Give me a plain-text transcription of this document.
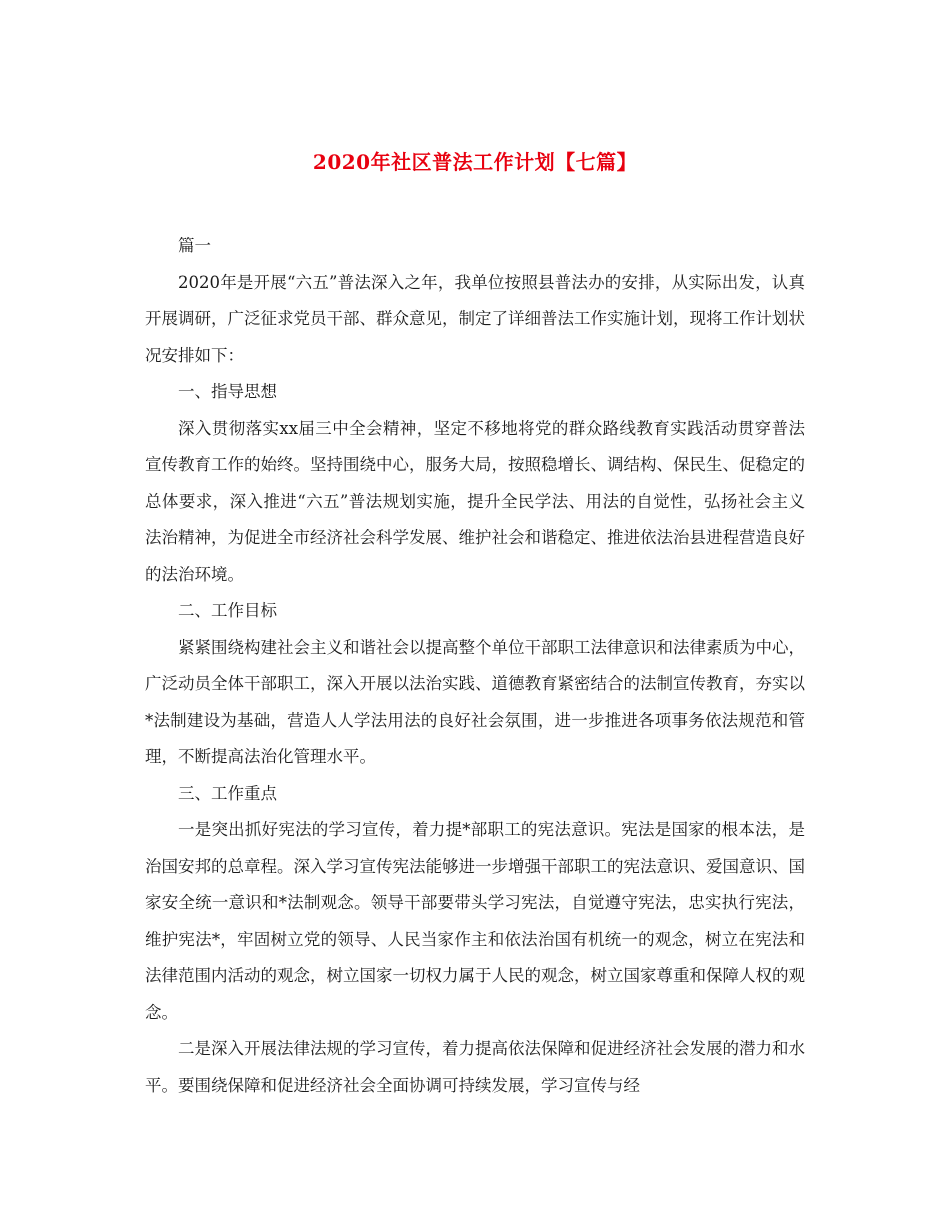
2020年社区普法工作计划【七篇】

篇一

2020年是开展“六五”普法深入之年，我单位按照县普法办的安排，从实际出发，认真开展调研，广泛征求党员干部、群众意见，制定了详细普法工作实施计划，现将工作计划状况安排如下：

一、指导思想

深入贯彻落实xx届三中全会精神，坚定不移地将党的群众路线教育实践活动贯穿普法宣传教育工作的始终。坚持围绕中心，服务大局，按照稳增长、调结构、保民生、促稳定的总体要求，深入推进“六五”普法规划实施，提升全民学法、用法的自觉性，弘扬社会主义法治精神，为促进全市经济社会科学发展、维护社会和谐稳定、推进依法治县进程营造良好的法治环境。

二、工作目标

紧紧围绕构建社会主义和谐社会以提高整个单位干部职工法律意识和法律素质为中心，广泛动员全体干部职工，深入开展以法治实践、道德教育紧密结合的法制宣传教育，夯实以*法制建设为基础，营造人人学法用法的良好社会氛围，进一步推进各项事务依法规范和管理，不断提高法治化管理水平。

三、工作重点

一是突出抓好宪法的学习宣传，着力提*部职工的宪法意识。宪法是国家的根本法，是治国安邦的总章程。深入学习宣传宪法能够进一步增强干部职工的宪法意识、爱国意识、国家安全统一意识和*法制观念。领导干部要带头学习宪法，自觉遵守宪法，忠实执行宪法，维护宪法*，牢固树立党的领导、人民当家作主和依法治国有机统一的观念，树立在宪法和法律范围内活动的观念，树立国家一切权力属于人民的观念，树立国家尊重和保障人权的观念。

二是深入开展法律法规的学习宣传，着力提高依法保障和促进经济社会发展的潜力和水平。要围绕保障和促进经济社会全面协调可持续发展，学习宣传与经
